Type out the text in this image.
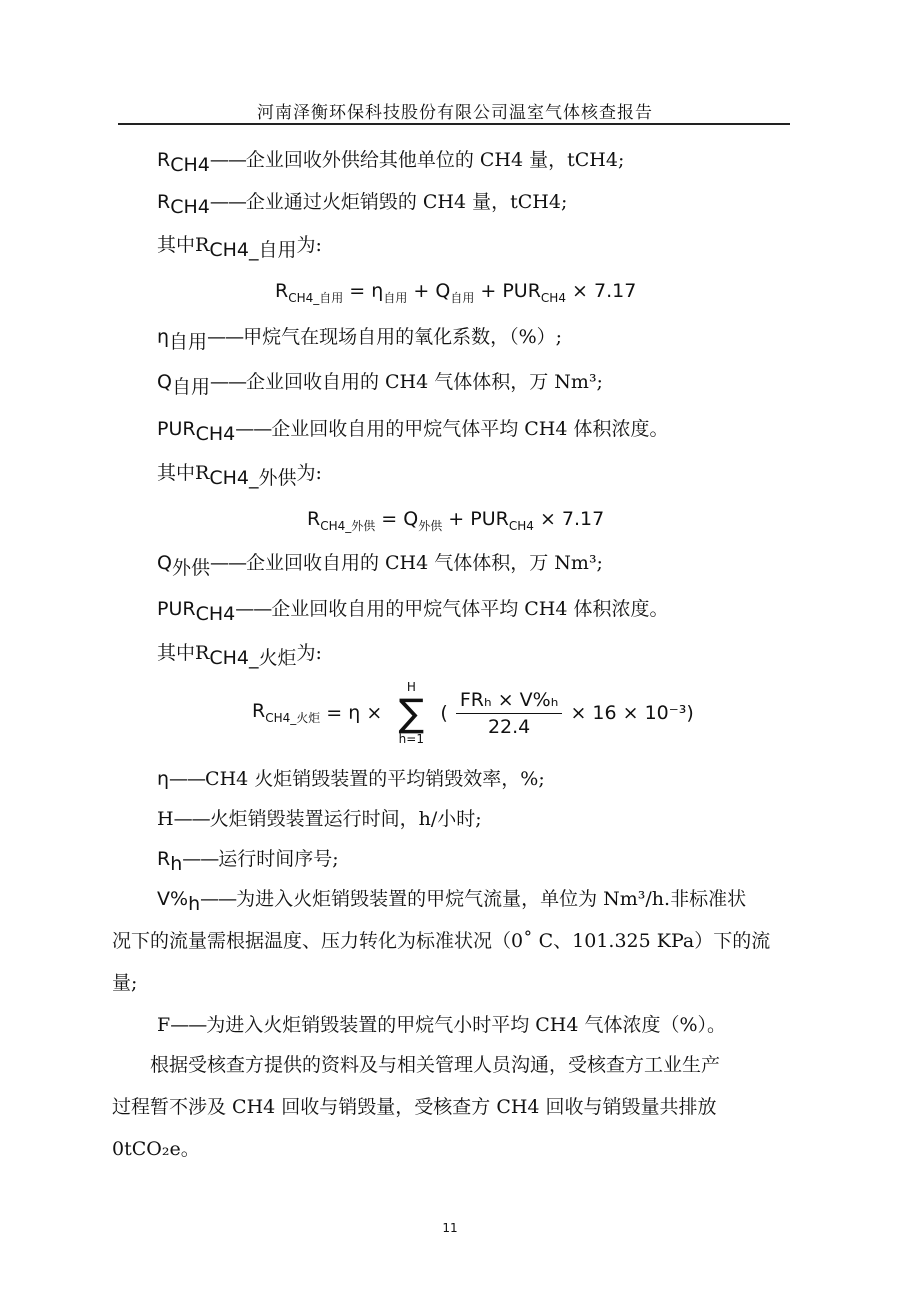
河南泽衡环保科技股份有限公司温室气体核查报告
RCH4——企业回收外供给其他单位的 CH4 量，tCH4;
RCH4——企业通过火炬销毁的 CH4 量，tCH4;
其中RCH4_自用为:
$R_{CH4\_自用} = \eta_{自用} + Q_{自用} + PUR_{CH4} \times 7.17$
η自用——甲烷气在现场自用的氧化系数，（%）;
Q自用——企业回收自用的 CH4 气体体积，万 Nm³;
PURCH4——企业回收自用的甲烷气体平均 CH4 体积浓度。
其中RCH4_外供为:
$R_{CH4\_外供} = Q_{外供} + PUR_{CH4} \times 7.17$
Q外供——企业回收自用的 CH4 气体体积，万 Nm³;
PURCH4——企业回收自用的甲烷气体平均 CH4 体积浓度。
其中RCH4_火炬为:
$R_{CH4\_火炬} = \eta$ ×
H
∑
h=1
( $\frac{\text{FRₕ × V\%ₕ}}{22.4} \times 16 \times 10^{-3}$)
η——CH4 火炬销毁装置的平均销毁效率，%;
H——火炬销毁装置运行时间，h/小时;
Rh——运行时间序号;
V%h——为进入火炬销毁装置的甲烷气流量，单位为 Nm³/h.非标准状
况下的流量需根据温度、压力转化为标准状况（0˚ C、101.325 KPa）下的流
量;
F——为进入火炬销毁装置的甲烷气小时平均 CH4 气体浓度（%）。
根据受核查方提供的资料及与相关管理人员沟通，受核查方工业生产
过程暂不涉及 CH4 回收与销毁量，受核查方 CH4 回收与销毁量共排放
0tCO₂e。
11
